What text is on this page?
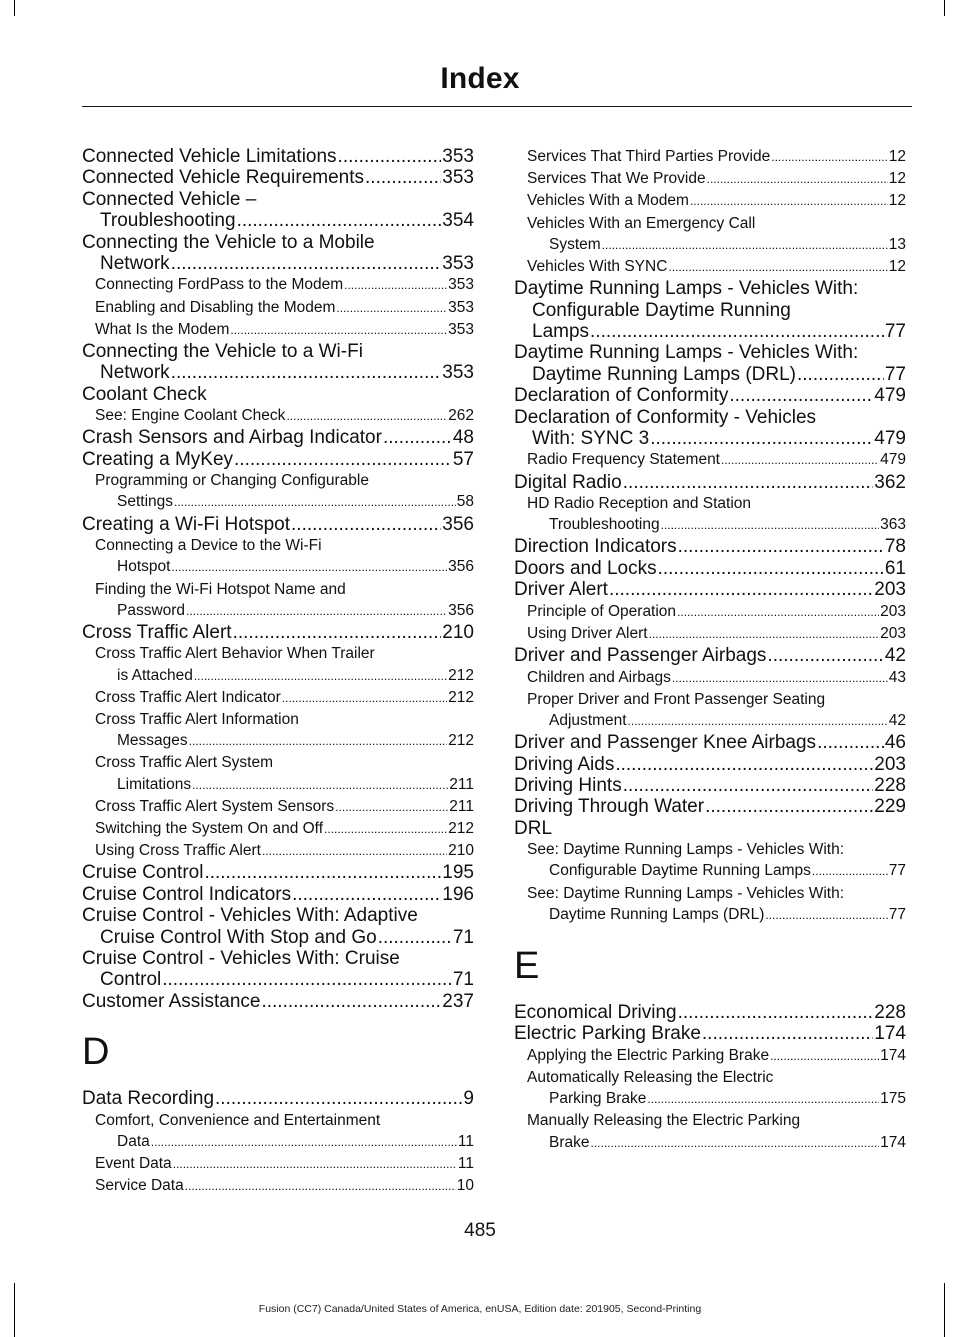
Index
Connected Vehicle Limitations .....	353
Connected Vehicle Requirements .....	353
Connected Vehicle –
Troubleshooting .....	354
Connecting the Vehicle to a Mobile
Network .....	353
Connecting FordPass to the Modem .....	353
Enabling and Disabling the Modem .....	353
What Is the Modem .....	353
Connecting the Vehicle to a Wi-Fi
Network .....	353
Coolant Check
See: Engine Coolant Check .....	262
Crash Sensors and Airbag Indicator .....	48
Creating a MyKey .....	57
Programming or Changing Configurable
Settings .....	58
Creating a Wi-Fi Hotspot .....	356
Connecting a Device to the Wi-Fi
Hotspot .....	356
Finding the Wi-Fi Hotspot Name and
Password .....	356
Cross Traffic Alert .....	210
Cross Traffic Alert Behavior When Trailer
is Attached .....	212
Cross Traffic Alert Indicator .....	212
Cross Traffic Alert Information
Messages .....	212
Cross Traffic Alert System
Limitations .....	211
Cross Traffic Alert System Sensors .....	211
Switching the System On and Off .....	212
Using Cross Traffic Alert .....	210
Cruise Control .....	195
Cruise Control Indicators .....	196
Cruise Control - Vehicles With: Adaptive
Cruise Control With Stop and Go .....	71
Cruise Control - Vehicles With: Cruise
Control .....	71
Customer Assistance .....	237
D
Data Recording .....	9
Comfort, Convenience and Entertainment
Data .....	11
Event Data .....	11
Service Data .....	10
Services That Third Parties Provide .....	12
Services That We Provide .....	12
Vehicles With a Modem .....	12
Vehicles With an Emergency Call
System .....	13
Vehicles With SYNC .....	12
Daytime Running Lamps - Vehicles With:
Configurable Daytime Running
Lamps .....	77
Daytime Running Lamps - Vehicles With:
Daytime Running Lamps (DRL) .....	77
Declaration of Conformity .....	479
Declaration of Conformity - Vehicles
With: SYNC 3 .....	479
Radio Frequency Statement .....	479
Digital Radio .....	362
HD Radio Reception and Station
Troubleshooting .....	363
Direction Indicators .....	78
Doors and Locks .....	61
Driver Alert .....	203
Principle of Operation .....	203
Using Driver Alert .....	203
Driver and Passenger Airbags .....	42
Children and Airbags .....	43
Proper Driver and Front Passenger Seating
Adjustment .....	42
Driver and Passenger Knee Airbags .....	46
Driving Aids .....	203
Driving Hints .....	228
Driving Through Water .....	229
DRL
See: Daytime Running Lamps - Vehicles With:
Configurable Daytime Running Lamps .....	77
See: Daytime Running Lamps - Vehicles With:
Daytime Running Lamps (DRL) .....	77
E
Economical Driving .....	228
Electric Parking Brake .....	174
Applying the Electric Parking Brake .....	174
Automatically Releasing the Electric
Parking Brake .....	175
Manually Releasing the Electric Parking
Brake .....	174
485
Fusion (CC7) Canada/United States of America, enUSA, Edition date: 201905, Second-Printing
